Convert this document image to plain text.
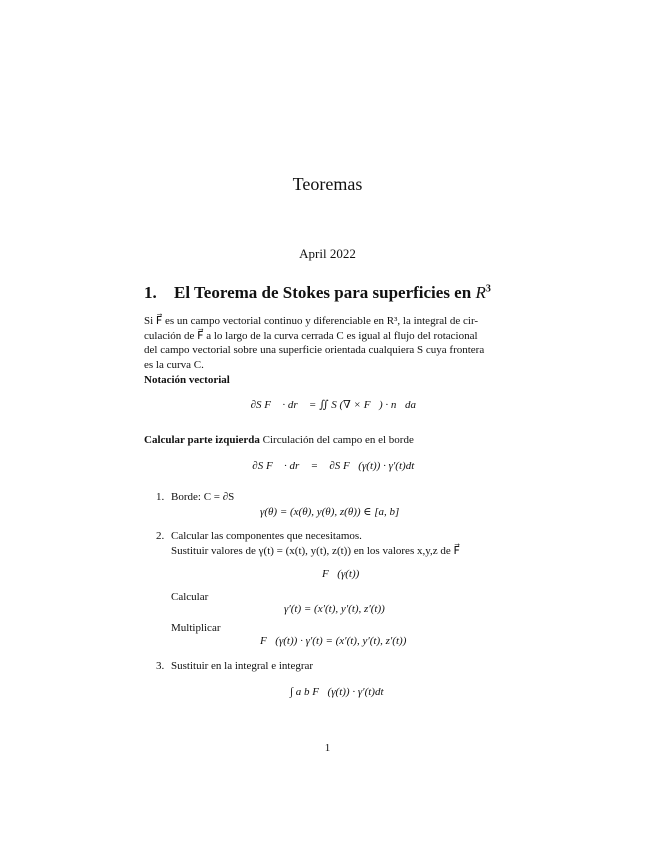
Teoremas
April 2022
1. El Teorema de Stokes para superficies en $R^3$
Si F⃗ es un campo vectorial continuo y diferenciable en R³, la integral de cir-
culación de F⃗ a lo largo de la curva cerrada C es igual al flujo del rotacional
del campo vectorial sobre una superficie orientada cualquiera S cuya frontera
es la curva C.
Notación vectorial
∮∂S F⃗ · dr⃗ = ∬ S (∇ × F⃗) · n⃗da
Calcular parte izquierda Circulación del campo en el borde
∮∂S F⃗ · dr⃗ = ∮∂S F⃗(γ(t)) · γ′(t)dt
1. Borde: C = ∂S
γ(θ) = (x(θ), y(θ), z(θ)) ∈ [a, b]
2. Calcular las componentes que necesitamos.
Sustituir valores de γ(t) = (x(t), y(t), z(t)) en los valores x,y,z de F⃗
F⃗(γ(t))
Calcular
γ′(t) = (x′(t), y′(t), z′(t))
Multiplicar
F⃗(γ(t)) · γ′(t) = (x′(t), y′(t), z′(t))
3. Sustituir en la integral e integrar
∫ a b F⃗(γ(t)) · γ′(t)dt
1
